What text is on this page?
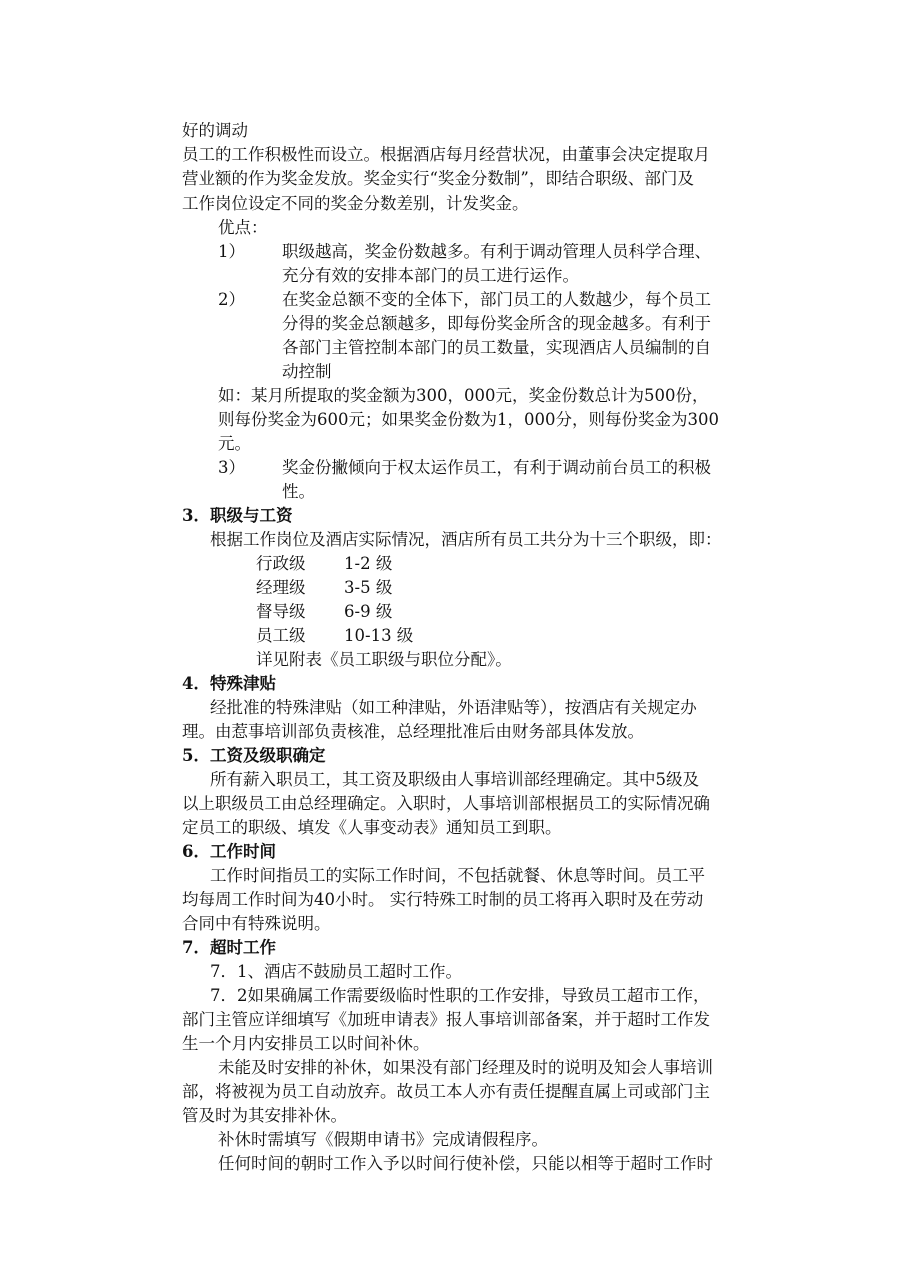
好的调动
员工的工作积极性而设立。根据酒店每月经营状况，由董事会决定提取月
营业额的作为奖金发放。奖金实行“奖金分数制”，即结合职级、部门及
工作岗位设定不同的奖金分数差别，计发奖金。
优点：
1） 职级越高，奖金份数越多。有利于调动管理人员科学合理、
充分有效的安排本部门的员工进行运作。
2） 在奖金总额不变的全体下，部门员工的人数越少，每个员工
分得的奖金总额越多，即每份奖金所含的现金越多。有利于
各部门主管控制本部门的员工数量，实现酒店人员编制的自
动控制
如：某月所提取的奖金额为300，000元，奖金份数总计为500份，
则每份奖金为600元；如果奖金份数为1，000分，则每份奖金为300
元。
3） 奖金份撇倾向于权太运作员工，有利于调动前台员工的积极
性。
3．职级与工资
根据工作岗位及酒店实际情况，酒店所有员工共分为十三个职级，即：
行政级 1-2 级
经理级 3-5 级
督导级 6-9 级
员工级 10-13 级
详见附表《员工职级与职位分配》。
4．特殊津贴
经批准的特殊津贴（如工种津贴，外语津贴等），按酒店有关规定办
理。由惹事培训部负责核准，总经理批准后由财务部具体发放。
5．工资及级职确定
所有薪入职员工，其工资及职级由人事培训部经理确定。其中5级及
以上职级员工由总经理确定。入职时，人事培训部根据员工的实际情况确
定员工的职级、填发《人事变动表》通知员工到职。
6．工作时间
工作时间指员工的实际工作时间，不包括就餐、休息等时间。员工平
均每周工作时间为40小时。 实行特殊工时制的员工将再入职时及在劳动
合同中有特殊说明。
7．超时工作
7．1、酒店不鼓励员工超时工作。
7．2如果确属工作需要级临时性职的工作安排，导致员工超市工作，
部门主管应详细填写《加班申请表》报人事培训部备案，并于超时工作发
生一个月内安排员工以时间补休。
未能及时安排的补休，如果没有部门经理及时的说明及知会人事培训
部，将被视为员工自动放弃。故员工本人亦有责任提醒直属上司或部门主
管及时为其安排补休。
补休时需填写《假期申请书》完成请假程序。
任何时间的朝时工作入予以时间行使补偿，只能以相等于超时工作时
